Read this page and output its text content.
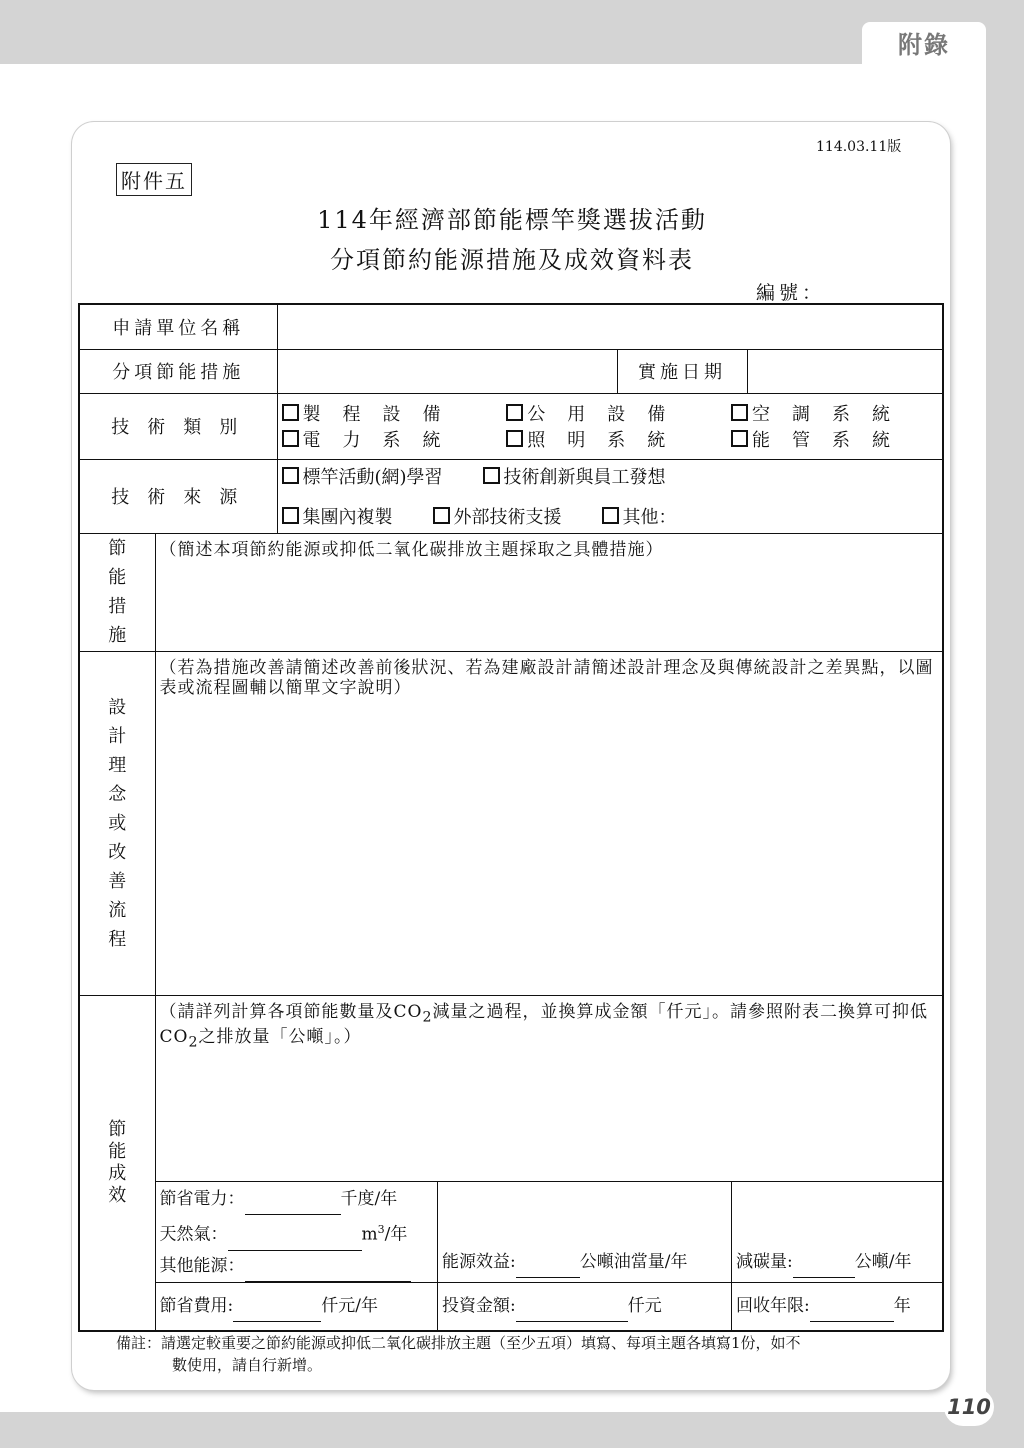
附錄
110
114.03.11版
附件五
114年經濟部節能標竿獎選拔活動
分項節約能源措施及成效資料表
編號：
申請單位名稱	
分項節能措施		實施日期	
技術類別	
製程設備	公用設備	空調系統
電力系統	照明系統	能管系統

技術來源	
標竿活動(網)學習	技術創新與員工發想
集團內複製	外部技術支援	其他：

節
能
措
施

（簡述本項節約能源或抑低二氧化碳排放主題採取之具體措施）

設
計
理
念
或
改
善
流
程

（若為措施改善請簡述改善前後狀況、若為建廠設計請簡述設計理念及與傳統設計之差異點，以圖表或流程圖輔以簡單文字說明）

節
能
成
效

（請詳列計算各項節能數量及$CO_2$減量之過程，並換算成金額「仟元」。請參照附表二換算可抑低$CO_2$之排放量「公噸」。）

節省電力：	千度/年
天然氣：	$m^3/$年
其他能源：	能源效益:	公噸油當量/年	減碳量:	公噸/年

節省費用:	仟元/年	投資金額:	仟元	回收年限:	年
備註：請選定較重要之節約能源或抑低二氧化碳排放主題（至少五項）填寫、每項主題各填寫1份，如不
數使用，請自行新增。
